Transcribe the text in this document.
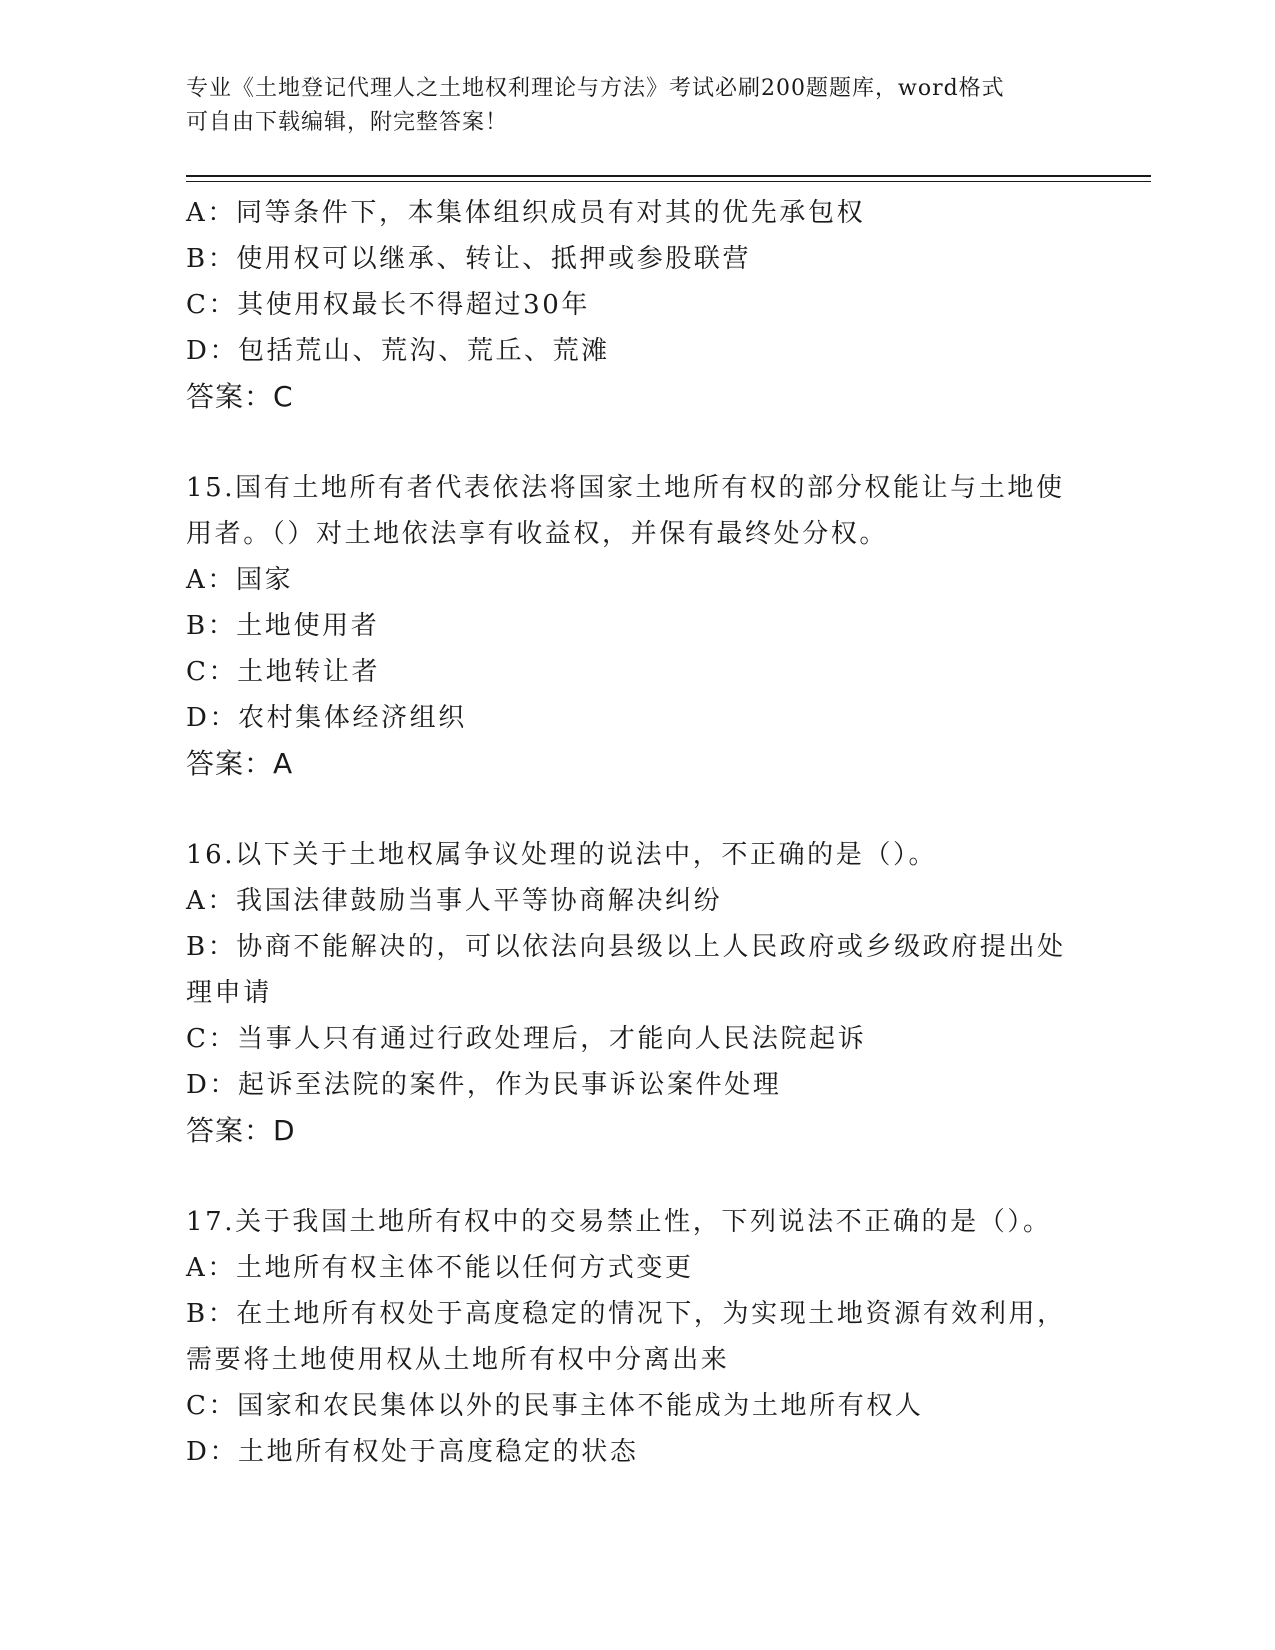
专业《土地登记代理人之土地权利理论与方法》考试必刷200题题库，word格式
可自由下载编辑，附完整答案！

A：同等条件下，本集体组织成员有对其的优先承包权

B：使用权可以继承、转让、抵押或参股联营

C：其使用权最长不得超过30年

D：包括荒山、荒沟、荒丘、荒滩

答案：C

15.国有土地所有者代表依法将国家土地所有权的部分权能让与土地使

用者。（）对土地依法享有收益权，并保有最终处分权。

A：国家

B：土地使用者

C：土地转让者

D：农村集体经济组织

答案：A

16.以下关于土地权属争议处理的说法中，不正确的是（）。

A：我国法律鼓励当事人平等协商解决纠纷

B：协商不能解决的，可以依法向县级以上人民政府或乡级政府提出处

理申请

C：当事人只有通过行政处理后，才能向人民法院起诉

D：起诉至法院的案件，作为民事诉讼案件处理

答案：D

17.关于我国土地所有权中的交易禁止性，下列说法不正确的是（）。

A：土地所有权主体不能以任何方式变更

B：在土地所有权处于高度稳定的情况下，为实现土地资源有效利用，

需要将土地使用权从土地所有权中分离出来

C：国家和农民集体以外的民事主体不能成为土地所有权人

D：土地所有权处于高度稳定的状态
